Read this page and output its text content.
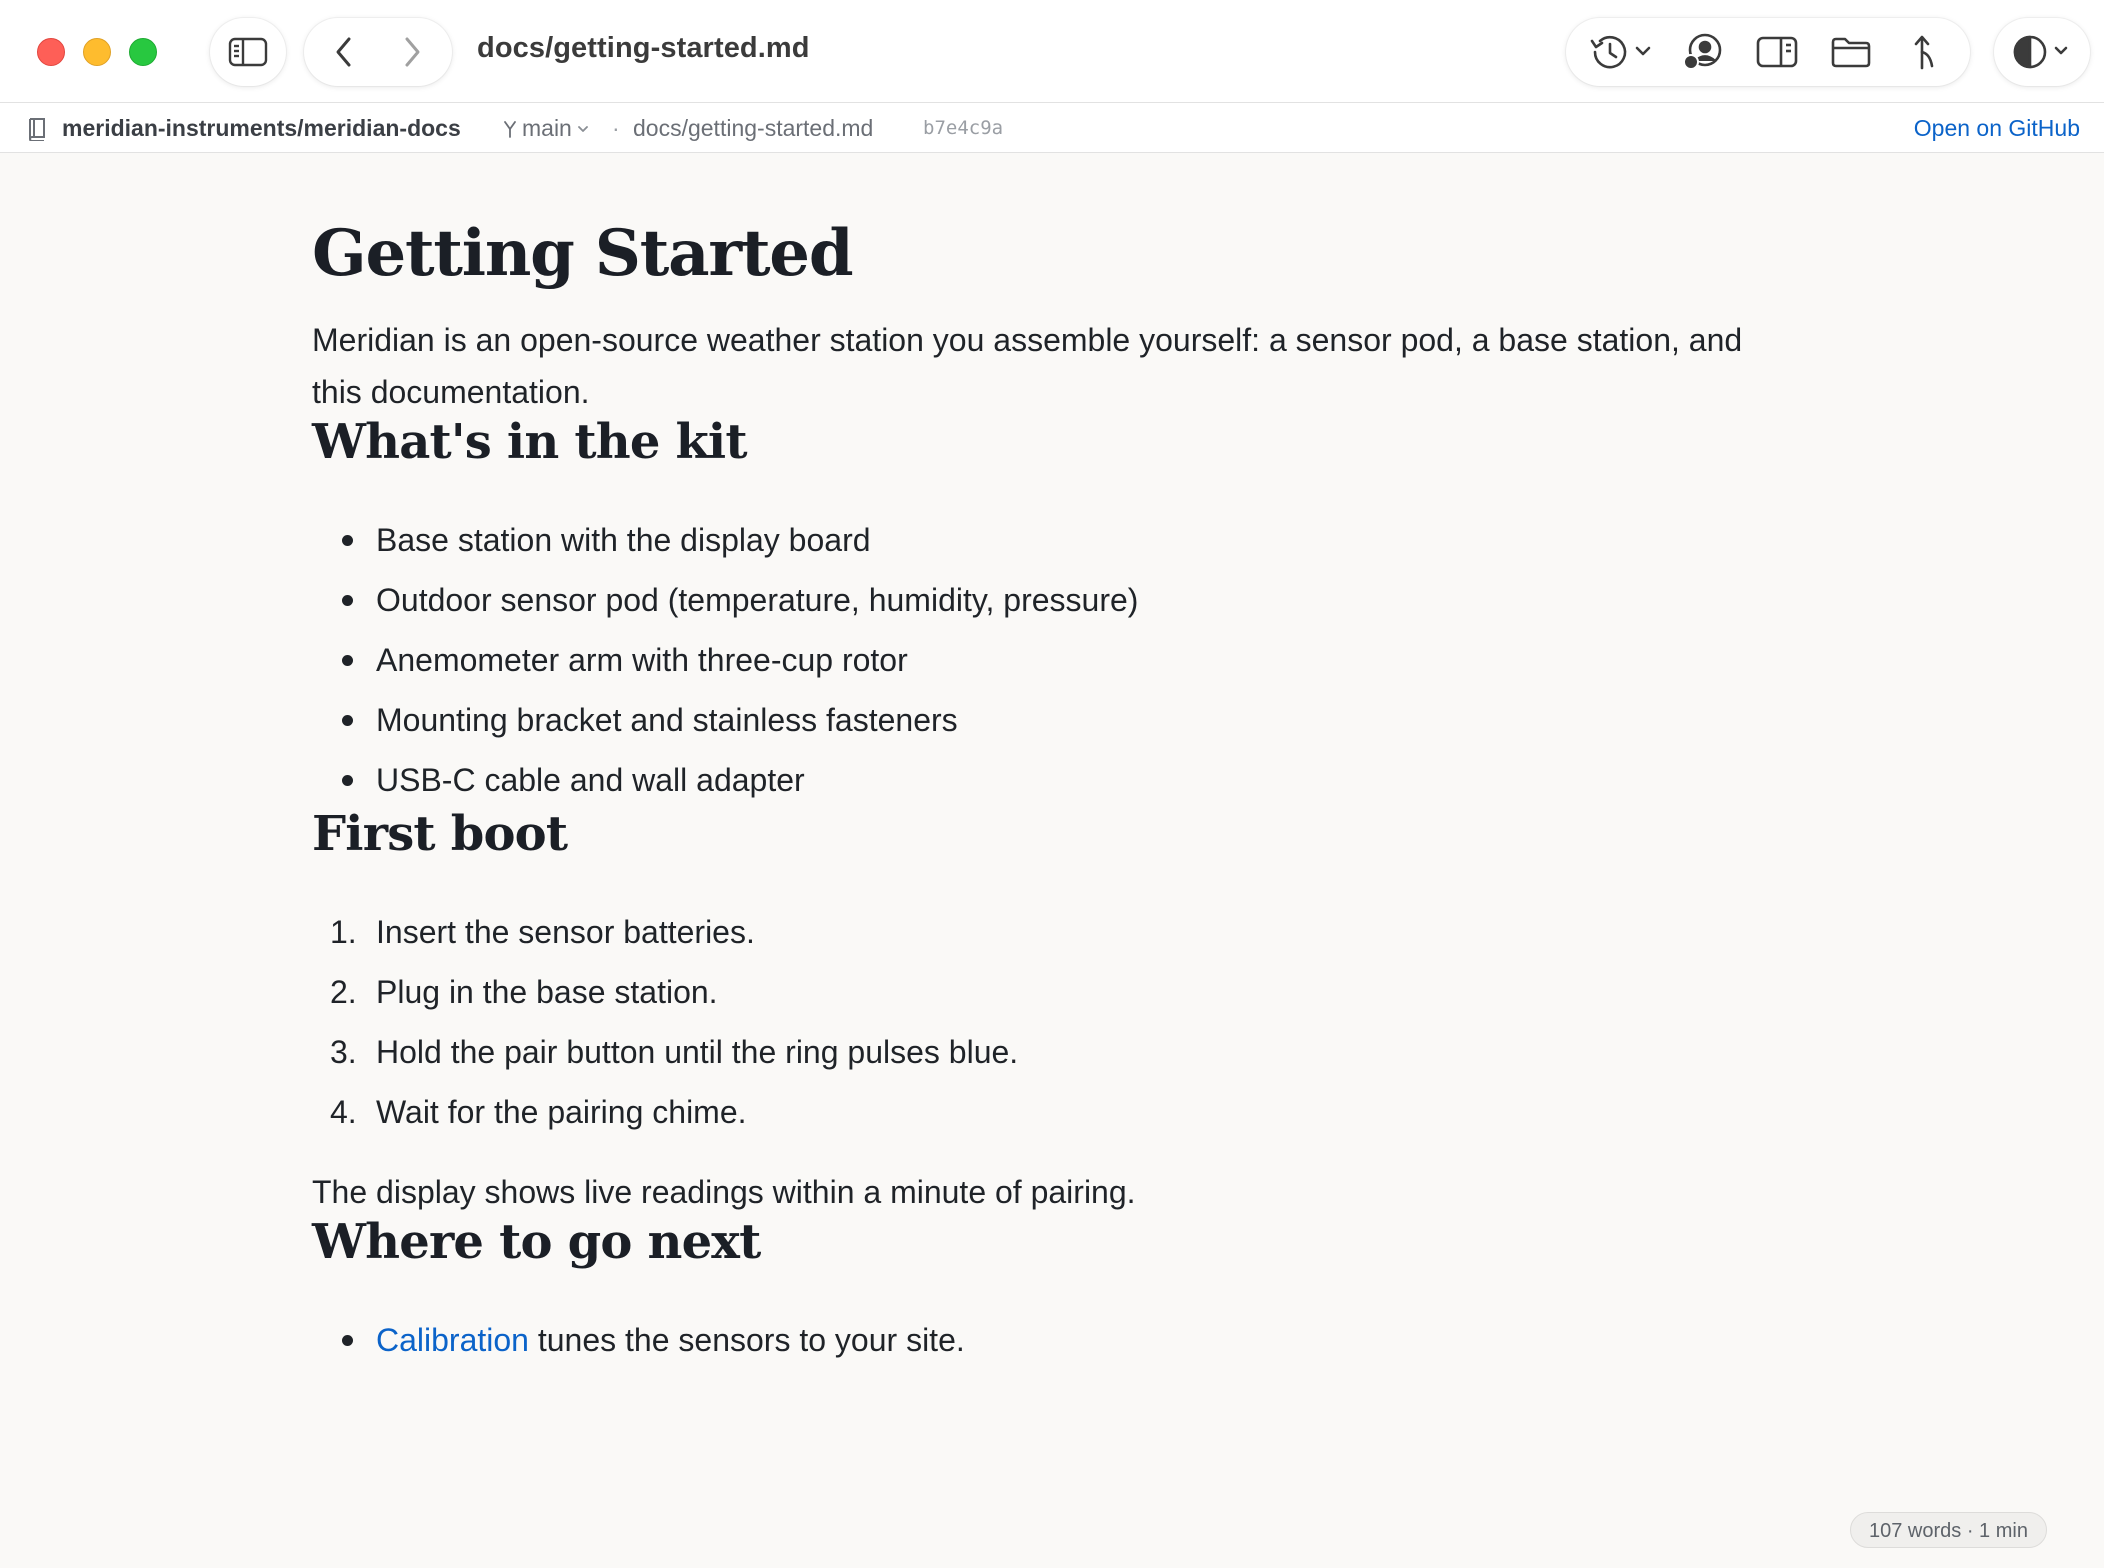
docs/getting-started.md
meridian-instruments/meridian-docs	main · docs/getting-started.md	b7e4c9a	Open on GitHub
Getting Started

Meridian is an open-source weather station you assemble yourself: a sensor pod, a base station, and this documentation.

What's in the kit
Base station with the display board
Outdoor sensor pod (temperature, humidity, pressure)
Anemometer arm with three-cup rotor
Mounting bracket and stainless fasteners
USB-C cable and wall adapter
First boot
1. Insert the sensor batteries.
2. Plug in the base station.
3. Hold the pair button until the ring pulses blue.
4. Wait for the pairing chime.

The display shows live readings within a minute of pairing.

Where to go next
Calibration tunes the sensors to your site.
107 words · 1 min
